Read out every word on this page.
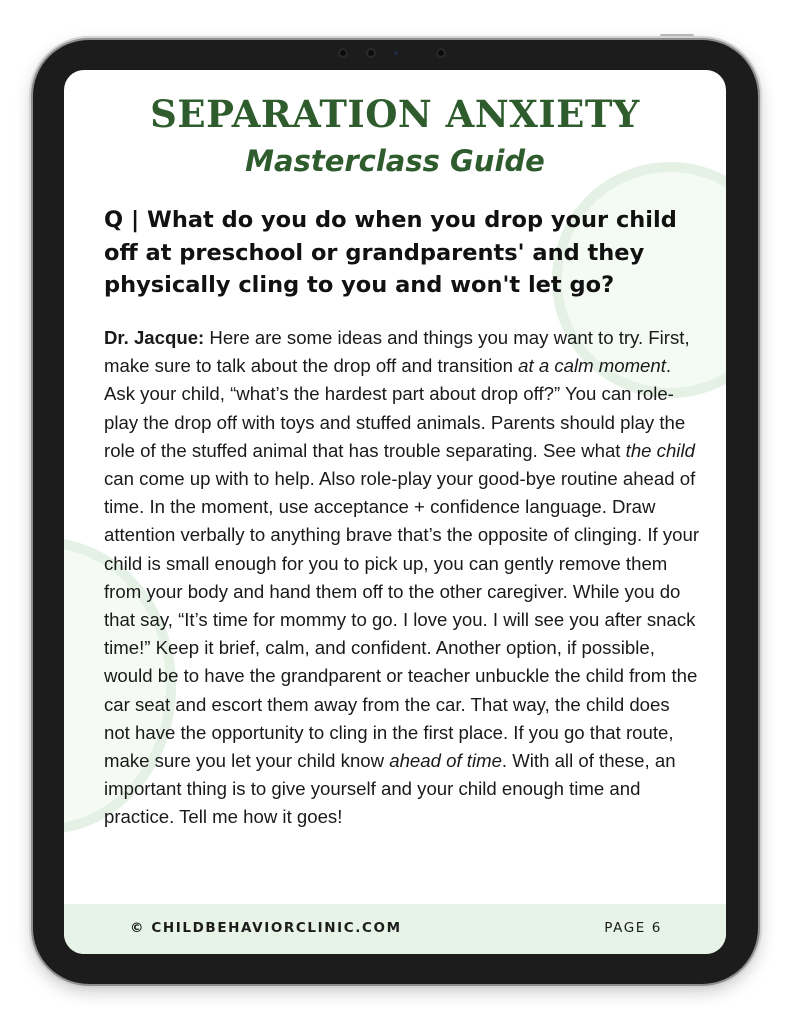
SEPARATION ANXIETY
Masterclass Guide

Q | What do you do when you drop your child off at preschool or grandparents' and they physically cling to you and won't let go?

Dr. Jacque: Here are some ideas and things you may want to try. First, make sure to talk about the drop off and transition at a calm moment. Ask your child, “what’s the hardest part about drop off?” You can role-play the drop off with toys and stuffed animals. Parents should play the role of the stuffed animal that has trouble separating. See what the child can come up with to help. Also role-play your good-bye routine ahead of time. In the moment, use acceptance + confidence language. Draw attention verbally to anything brave that’s the opposite of clinging. If your child is small enough for you to pick up, you can gently remove them from your body and hand them off to the other caregiver. While you do that say, “It’s time for mommy to go. I love you. I will see you after snack time!” Keep it brief, calm, and confident. Another option, if possible, would be to have the grandparent or teacher unbuckle the child from the car seat and escort them away from the car. That way, the child does not have the opportunity to cling in the first place. If you go that route, make sure you let your child know ahead of time. With all of these, an important thing is to give yourself and your child enough time and practice. Tell me how it goes!

© CHILDBEHAVIORCLINIC.COM	PAGE 6
